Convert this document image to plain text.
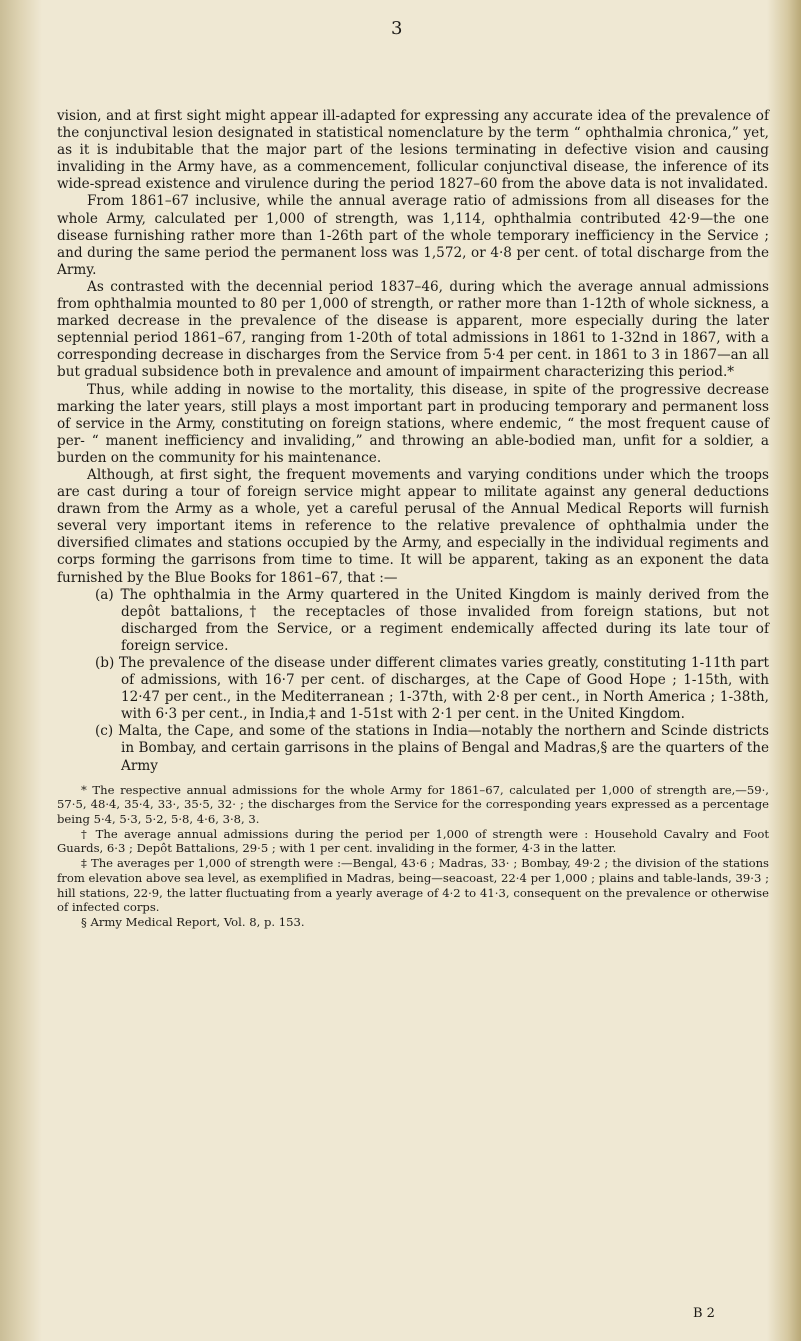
3

vision, and at first sight might appear ill-adapted for expressing any accurate idea of the prevalence of the conjunctival lesion designated in statistical nomenclature by the term “ ophthalmia chronica,” yet, as it is indubitable that the major part of the lesions terminating in defective vision and causing invaliding in the Army have, as a commencement, follicular conjunctival disease, the inference of its wide-spread existence and virulence during the period 1827–60 from the above data is not invalidated.

From 1861–67 inclusive, while the annual average ratio of admissions from all diseases for the whole Army, calculated per 1,000 of strength, was 1,114, ophthalmia contributed 42·9—the one disease furnishing rather more than 1-26th part of the whole temporary inefficiency in the Service ; and during the same period the permanent loss was 1,572, or 4·8 per cent. of total discharge from the Army.

As contrasted with the decennial period 1837–46, during which the average annual admissions from ophthalmia mounted to 80 per 1,000 of strength, or rather more than 1-12th of whole sickness, a marked decrease in the prevalence of the disease is apparent, more especially during the later septennial period 1861–67, ranging from 1-20th of total admissions in 1861 to 1-32nd in 1867, with a corresponding decrease in discharges from the Service from 5·4 per cent. in 1861 to 3 in 1867—an all but gradual subsidence both in prevalence and amount of impairment characterizing this period.*

Thus, while adding in nowise to the mortality, this disease, in spite of the progressive decrease marking the later years, still plays a most important part in producing temporary and permanent loss of service in the Army, constituting on foreign stations, where endemic, “ the most frequent cause of per- “ manent inefficiency and invaliding,” and throwing an able-bodied man, unfit for a soldier, a burden on the community for his maintenance.

Although, at first sight, the frequent movements and varying conditions under which the troops are cast during a tour of foreign service might appear to militate against any general deductions drawn from the Army as a whole, yet a careful perusal of the Annual Medical Reports will furnish several very important items in reference to the relative prevalence of ophthalmia under the diversified climates and stations occupied by the Army, and especially in the individual regiments and corps forming the garrisons from time to time. It will be apparent, taking as an exponent the data furnished by the Blue Books for 1861–67, that :—

(a) The ophthalmia in the Army quartered in the United Kingdom is mainly derived from the depôt battalions,† the receptacles of those invalided from foreign stations, but not discharged from the Service, or a regiment endemically affected during its late tour of foreign service.

(b) The prevalence of the disease under different climates varies greatly, constituting 1-11th part of admissions, with 16·7 per cent. of discharges, at the Cape of Good Hope ; 1-15th, with 12·47 per cent., in the Mediterranean ; 1-37th, with 2·8 per cent., in North America ; 1-38th, with 6·3 per cent., in India,‡ and 1-51st with 2·1 per cent. in the United Kingdom.

(c) Malta, the Cape, and some of the stations in India—notably the northern and Scinde districts in Bombay, and certain garrisons in the plains of Bengal and Madras,§ are the quarters of the Army

* The respective annual admissions for the whole Army for 1861–67, calculated per 1,000 of strength are,—59·, 57·5, 48·4, 35·4, 33·, 35·5, 32· ; the discharges from the Service for the corresponding years expressed as a percentage being 5·4, 5·3, 5·2, 5·8, 4·6, 3·8, 3.

† The average annual admissions during the period per 1,000 of strength were : Household Cavalry and Foot Guards, 6·3 ; Depôt Battalions, 29·5 ; with 1 per cent. invaliding in the former, 4·3 in the latter.

‡ The averages per 1,000 of strength were :—Bengal, 43·6 ; Madras, 33· ; Bombay, 49·2 ; the division of the stations from elevation above sea level, as exemplified in Madras, being—seacoast, 22·4 per 1,000 ; plains and table-lands, 39·3 ; hill stations, 22·9, the latter fluctuating from a yearly average of 4·2 to 41·3, consequent on the prevalence or otherwise of infected corps.

§ Army Medical Report, Vol. 8, p. 153.

B 2
